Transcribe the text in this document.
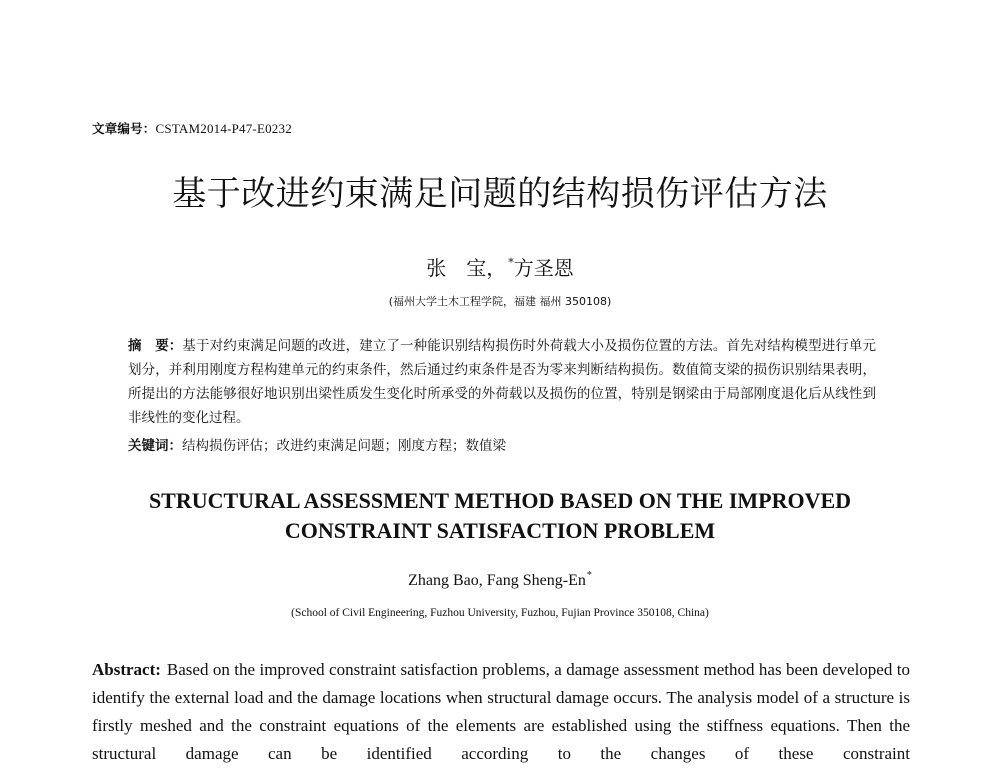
文章编号：CSTAM2014-P47-E0232
基于改进约束满足问题的结构损伤评估方法
张　宝， *方圣恩
(福州大学土木工程学院，福建 福州 350108)
摘　要：基于对约束满足问题的改进，建立了一种能识别结构损伤时外荷载大小及损伤位置的方法。首先对结构模型进行单元划分，并利用刚度方程构建单元的约束条件，然后通过约束条件是否为零来判断结构损伤。数值简支梁的损伤识别结果表明，所提出的方法能够很好地识别出梁性质发生变化时所承受的外荷载以及损伤的位置，特别是钢梁由于局部刚度退化后从线性到非线性的变化过程。
关键词：结构损伤评估；改进约束满足问题；刚度方程；数值梁
STRUCTURAL ASSESSMENT METHOD BASED ON THE IMPROVED
CONSTRAINT SATISFACTION PROBLEM
Zhang Bao, Fang Sheng-En*
(School of Civil Engineering, Fuzhou University, Fuzhou, Fujian Province 350108, China)
Abstract: Based on the improved constraint satisfaction problems, a damage assessment method has been developed to identify the external load and the damage locations when structural damage occurs. The analysis model of a structure is firstly meshed and the constraint equations of the elements are established using the stiffness equations. Then the structural damage can be identified according to the changes of these constraint
